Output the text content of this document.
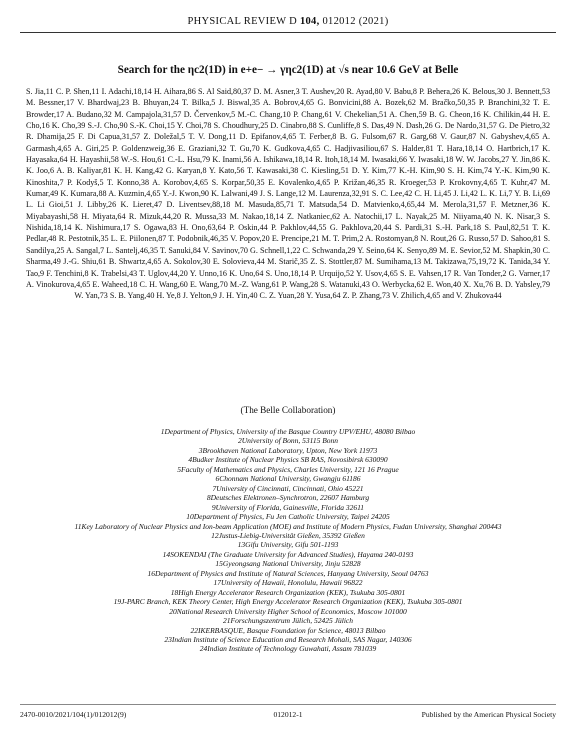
PHYSICAL REVIEW D 104, 012012 (2021)
Search for the ηc2(1D) in e+e− → γηc2(1D) at √s near 10.6 GeV at Belle
S. Jia,11 C. P. Shen,11 I. Adachi,18,14 H. Aihara,86 S. Al Said,80,37 D. M. Asner,3 T. Aushev,20 R. Ayad,80 V. Babu,8 P. Behera,26 K. Belous,30 J. Bennett,53 M. Bessner,17 V. Bhardwaj,23 B. Bhuyan,24 T. Bilka,5 J. Biswal,35 A. Bobrov,4,65 G. Bonvicini,88 A. Bozek,62 M. Bračko,50,35 P. Branchini,32 T. E. Browder,17 A. Budano,32 M. Campajola,31,57 D. Červenkov,5 M.-C. Chang,10 P. Chang,61 V. Chekelian,51 A. Chen,59 B. G. Cheon,16 K. Chilikin,44 H. E. Cho,16 K. Cho,39 S.-J. Cho,90 S.-K. Choi,15 Y. Choi,78 S. Choudhury,25 D. Cinabro,88 S. Cunliffe,8 S. Das,49 N. Dash,26 G. De Nardo,31,57 G. De Pietro,32 R. Dhamija,25 F. Di Capua,31,57 Z. Doležal,5 T. V. Dong,11 D. Epifanov,4,65 T. Ferber,8 B. G. Fulsom,67 R. Garg,68 V. Gaur,87 N. Gabyshev,4,65 A. Garmash,4,65 A. Giri,25 P. Goldenzweig,36 E. Graziani,32 T. Gu,70 K. Gudkova,4,65 C. Hadjivasiliou,67 S. Halder,81 T. Hara,18,14 O. Hartbrich,17 K. Hayasaka,64 H. Hayashii,58 W.-S. Hou,61 C.-L. Hsu,79 K. Inami,56 A. Ishikawa,18,14 R. Itoh,18,14 M. Iwasaki,66 Y. Iwasaki,18 W. W. Jacobs,27 Y. Jin,86 K. K. Joo,6 A. B. Kaliyar,81 K. H. Kang,42 G. Karyan,8 Y. Kato,56 T. Kawasaki,38 C. Kiesling,51 D. Y. Kim,77 K.-H. Kim,90 S. H. Kim,74 Y.-K. Kim,90 K. Kinoshita,7 P. Kodyš,5 T. Konno,38 A. Korobov,4,65 S. Korpar,50,35 E. Kovalenko,4,65 P. Križan,46,35 R. Kroeger,53 P. Krokovny,4,65 T. Kuhr,47 M. Kumar,49 K. Kumara,88 A. Kuzmin,4,65 Y.-J. Kwon,90 K. Lalwani,49 J. S. Lange,12 M. Laurenza,32,91 S. C. Lee,42 C. H. Li,45 J. Li,42 L. K. Li,7 Y. B. Li,69 L. Li Gioi,51 J. Libby,26 K. Lieret,47 D. Liventsev,88,18 M. Masuda,85,71 T. Matsuda,54 D. Matvienko,4,65,44 M. Merola,31,57 F. Metzner,36 K. Miyabayashi,58 H. Miyata,64 R. Mizuk,44,20 R. Mussa,33 M. Nakao,18,14 Z. Natkaniec,62 A. Natochii,17 L. Nayak,25 M. Niiyama,40 N. K. Nisar,3 S. Nishida,18,14 K. Nishimura,17 S. Ogawa,83 H. Ono,63,64 P. Oskin,44 P. Pakhlov,44,55 G. Pakhlova,20,44 S. Pardi,31 S.-H. Park,18 S. Paul,82,51 T. K. Pedlar,48 R. Pestotnik,35 L. E. Piilonen,87 T. Podobnik,46,35 V. Popov,20 E. Prencipe,21 M. T. Prim,2 A. Rostomyan,8 N. Rout,26 G. Russo,57 D. Sahoo,81 S. Sandilya,25 A. Sangal,7 L. Santelj,46,35 T. Sanuki,84 V. Savinov,70 G. Schnell,1,22 C. Schwanda,29 Y. Seino,64 K. Senyo,89 M. E. Sevior,52 M. Shapkin,30 C. Sharma,49 J.-G. Shiu,61 B. Shwartz,4,65 A. Sokolov,30 E. Solovieva,44 M. Starič,35 Z. S. Stottler,87 M. Sumihama,13 M. Takizawa,75,19,72 K. Tanida,34 Y. Tao,9 F. Tenchini,8 K. Trabelsi,43 T. Uglov,44,20 Y. Unno,16 K. Uno,64 S. Uno,18,14 P. Urquijo,52 Y. Usov,4,65 S. E. Vahsen,17 R. Van Tonder,2 G. Varner,17 A. Vinokurova,4,65 E. Waheed,18 C. H. Wang,60 E. Wang,70 M.-Z. Wang,61 P. Wang,28 S. Watanuki,43 O. Werbycka,62 E. Won,40 X. Xu,76 B. D. Yabsley,79 W. Yan,73 S. B. Yang,40 H. Ye,8 J. Yelton,9 J. H. Yin,40 C. Z. Yuan,28 Y. Yusa,64 Z. P. Zhang,73 V. Zhilich,4,65 and V. Zhukova44
(The Belle Collaboration)
1Department of Physics, University of the Basque Country UPV/EHU, 48080 Bilbao
2University of Bonn, 53115 Bonn
3Brookhaven National Laboratory, Upton, New York 11973
4Budker Institute of Nuclear Physics SB RAS, Novosibirsk 630090
5Faculty of Mathematics and Physics, Charles University, 121 16 Prague
6Chonnam National University, Gwangju 61186
7University of Cincinnati, Cincinnati, Ohio 45221
8Deutsches Elektronen–Synchrotron, 22607 Hamburg
9University of Florida, Gainesville, Florida 32611
10Department of Physics, Fu Jen Catholic University, Taipei 24205
11Key Laboratory of Nuclear Physics and Ion-beam Application (MOE) and Institute of Modern Physics, Fudan University, Shanghai 200443
12Justus-Liebig-Universität Gießen, 35392 Gießen
13Gifu University, Gifu 501-1193
14SOKENDAI (The Graduate University for Advanced Studies), Hayama 240-0193
15Gyeongsang National University, Jinju 52828
16Department of Physics and Institute of Natural Sciences, Hanyang University, Seoul 04763
17University of Hawaii, Honolulu, Hawaii 96822
18High Energy Accelerator Research Organization (KEK), Tsukuba 305-0801
19J-PARC Branch, KEK Theory Center, High Energy Accelerator Research Organization (KEK), Tsukuba 305-0801
20National Research University Higher School of Economics, Moscow 101000
21Forschungszentrum Jülich, 52425 Jülich
22IKERBASQUE, Basque Foundation for Science, 48013 Bilbao
23Indian Institute of Science Education and Research Mohali, SAS Nagar, 140306
24Indian Institute of Technology Guwahati, Assam 781039
2470-0010/2021/104(1)/012012(9)	012012-1	Published by the American Physical Society
